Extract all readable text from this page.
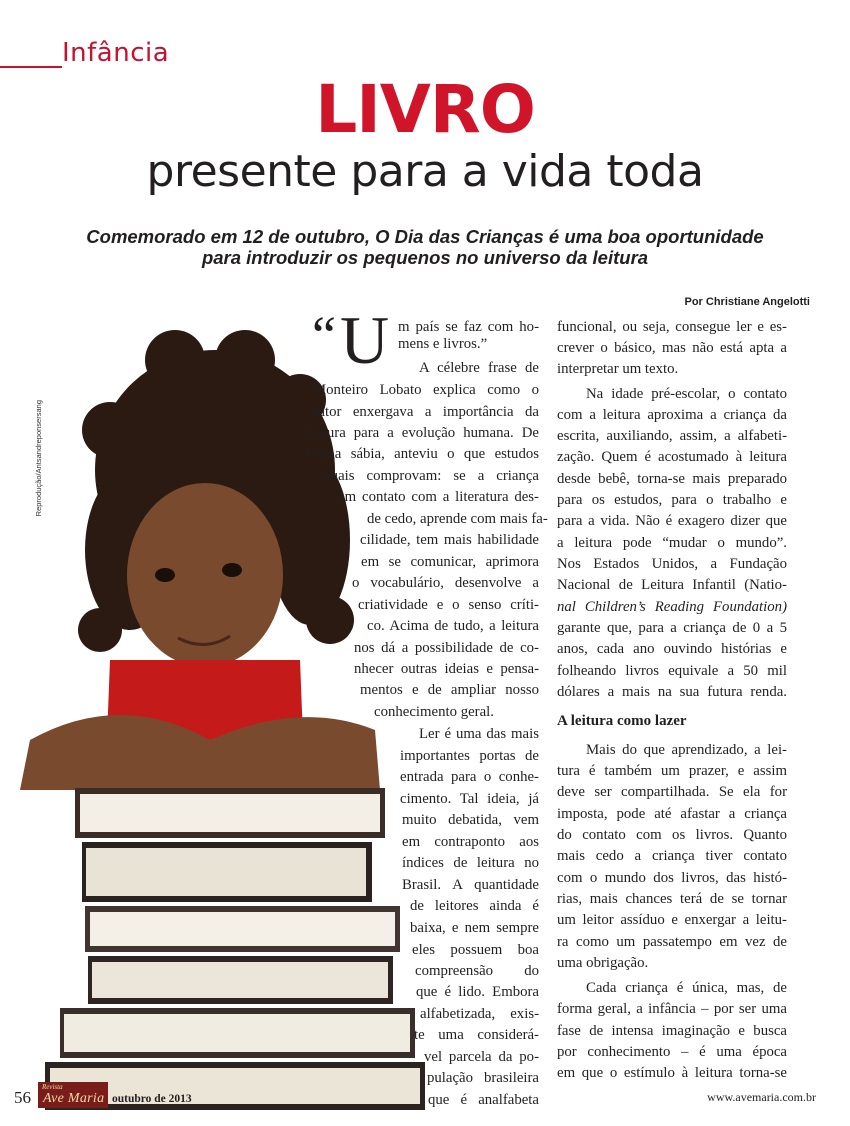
Infância
LIVRO
presente para a vida toda
Comemorado em 12 de outubro, O Dia das Crianças é uma boa oportunidade
para introduzir os pequenos no universo da leitura
Por Christiane Angelotti
Reprodução/Antsandreponsersang
“ U m país se faz com ho-
mens e livros.”
A célebre frase de
Monteiro Lobato explica como o
autor enxergava a importância da
leitura para a evolução humana. De
forma sábia, anteviu o que estudos
atuais comprovam: se a criança
tem contato com a literatura des-
de cedo, aprende com mais fa-
cilidade, tem mais habilidade
em se comunicar, aprimora
o vocabulário, desenvolve a
criatividade e o senso críti-
co. Acima de tudo, a leitura
nos dá a possibilidade de co-
nhecer outras ideias e pensa-
mentos e de ampliar nosso
conhecimento geral.
Ler é uma das mais
importantes portas de
entrada para o conhe-
cimento. Tal ideia, já
muito debatida, vem
em contraponto aos
índices de leitura no
Brasil. A quantidade
de leitores ainda é
baixa, e nem sempre
eles possuem boa
compreensão do
que é lido. Embora
alfabetizada, exis-
te uma considerá-
vel parcela da po-
pulação brasileira
que é analfabeta
funcional, ou seja, consegue ler e es-
crever o básico, mas não está apta a
interpretar um texto.
Na idade pré-escolar, o contato
com a leitura aproxima a criança da
escrita, auxiliando, assim, a alfabeti-
zação. Quem é acostumado à leitura
desde bebê, torna-se mais preparado
para os estudos, para o trabalho e
para a vida. Não é exagero dizer que
a leitura pode “mudar o mundo”.
Nos Estados Unidos, a Fundação
Nacional de Leitura Infantil (Natio-
nal Children’s Reading Foundation)
garante que, para a criança de 0 a 5
anos, cada ano ouvindo histórias e
folheando livros equivale a 50 mil
dólares a mais na sua futura renda.
A leitura como lazer
Mais do que aprendizado, a lei-
tura é também um prazer, e assim
deve ser compartilhada. Se ela for
imposta, pode até afastar a criança
do contato com os livros. Quanto
mais cedo a criança tiver contato
com o mundo dos livros, das histó-
rias, mais chances terá de se tornar
um leitor assíduo e enxergar a leitu-
ra como um passatempo em vez de
uma obrigação.
Cada criança é única, mas, de
forma geral, a infância – por ser uma
fase de intensa imaginação e busca
por conhecimento – é uma época
em que o estímulo à leitura torna-se
56
Revista
Ave Maria outubro de 2013	www.avemaria.com.br
